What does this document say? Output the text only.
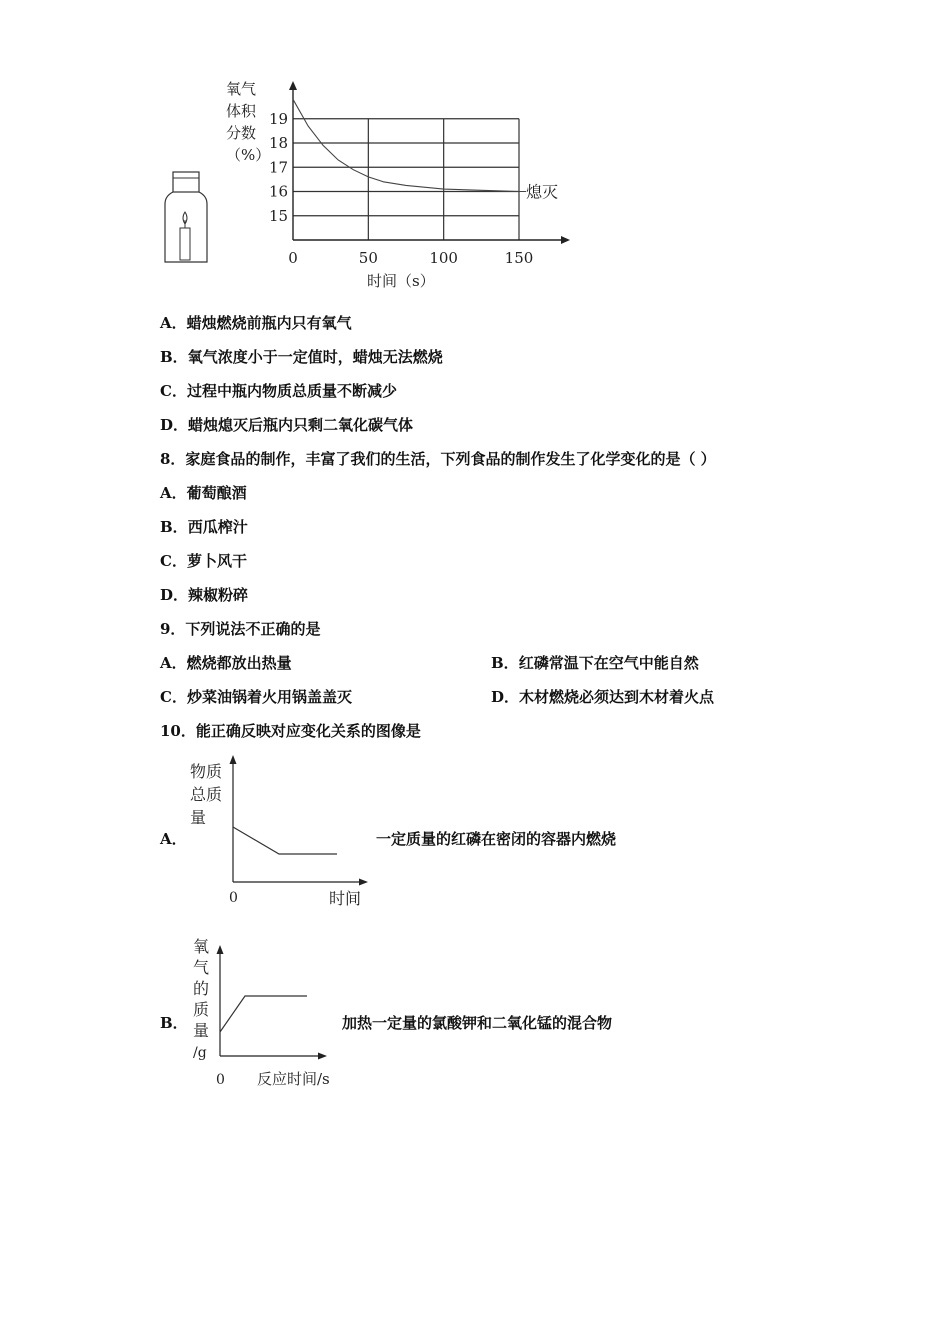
氧气
体积
分数
（%）
19
18
17
16
15
0	50	100	150
熄灭
时间（s）
A．蜡烛燃烧前瓶内只有氧气
B．氧气浓度小于一定值时，蜡烛无法燃烧
C．过程中瓶内物质总质量不断减少
D．蜡烛熄灭后瓶内只剩二氧化碳气体
8．家庭食品的制作，丰富了我们的生活，下列食品的制作发生了化学变化的是（ ）
A．葡萄酿酒
B．西瓜榨汁
C．萝卜风干
D．辣椒粉碎
9．下列说法不正确的是
A．燃烧都放出热量	B．红磷常温下在空气中能自然
C．炒菜油锅着火用锅盖盖灭	D．木材燃烧必须达到木材着火点
10．能正确反映对应变化关系的图像是
A．
物质
总质
量
0	时间
一定质量的红磷在密闭的容器内燃烧
B．
氧
气
的
质
量
/g
0 反应时间/s
加热一定量的氯酸钾和二氧化锰的混合物
